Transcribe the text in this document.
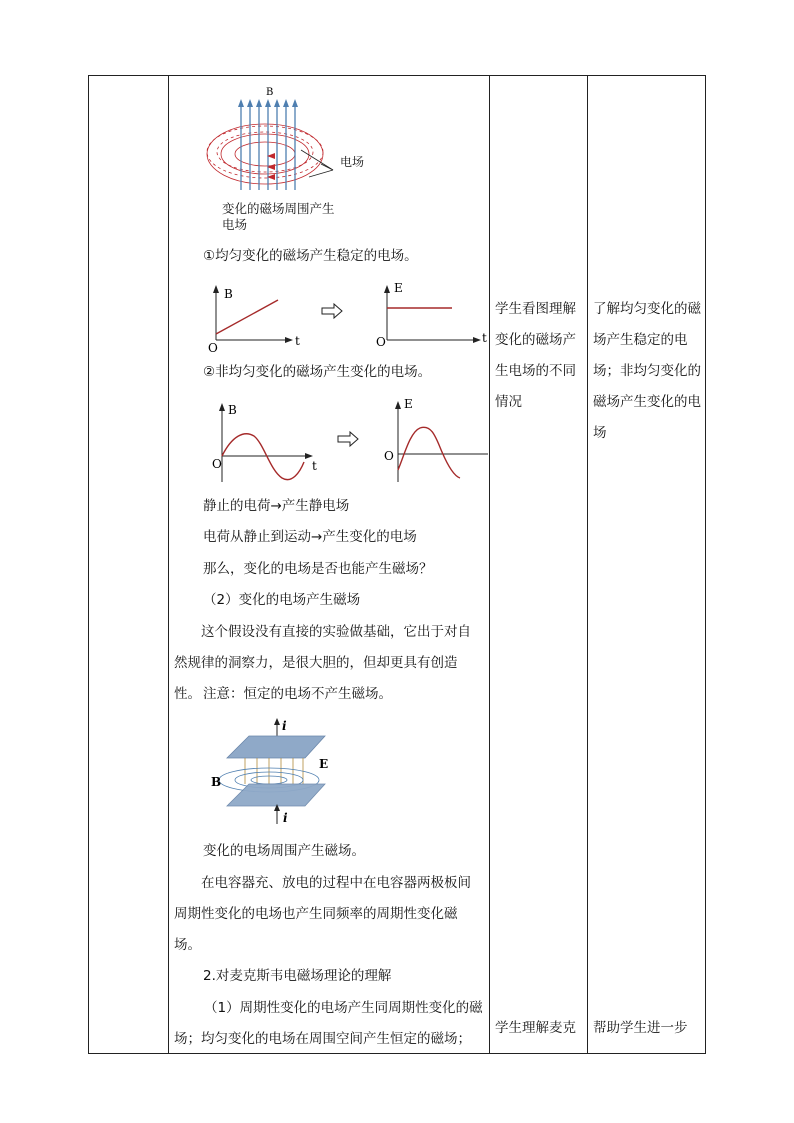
B
电场
变化的磁场周围产生
电场
①均匀变化的磁场产生稳定的电场。
B
t
O
E
t
O
②非均匀变化的磁场产生变化的电场。
B
t
O
E
O
静止的电荷→产生静电场
电荷从静止到运动→产生变化的电场
那么，变化的电场是否也能产生磁场？
（2）变化的电场产生磁场
这个假设没有直接的实验做基础，它出于对自然规律的洞察力，是很大胆的，但却更具有创造性。 注意：恒定的电场不产生磁场。
i
i
B
E
变化的电场周围产生磁场。
在电容器充、放电的过程中在电容器两极板间周期性变化的电场也产生同频率的周期性变化磁场。
2.对麦克斯韦电磁场理论的理解
（1）周期性变化的电场产生同周期性变化的磁场；均匀变化的电场在周围空间产生恒定的磁场；
学生看图理解变化的磁场产生电场的不同情况
学生理解麦克
了解均匀变化的磁场产生稳定的电场；非均匀变化的磁场产生变化的电场
帮助学生进一步
